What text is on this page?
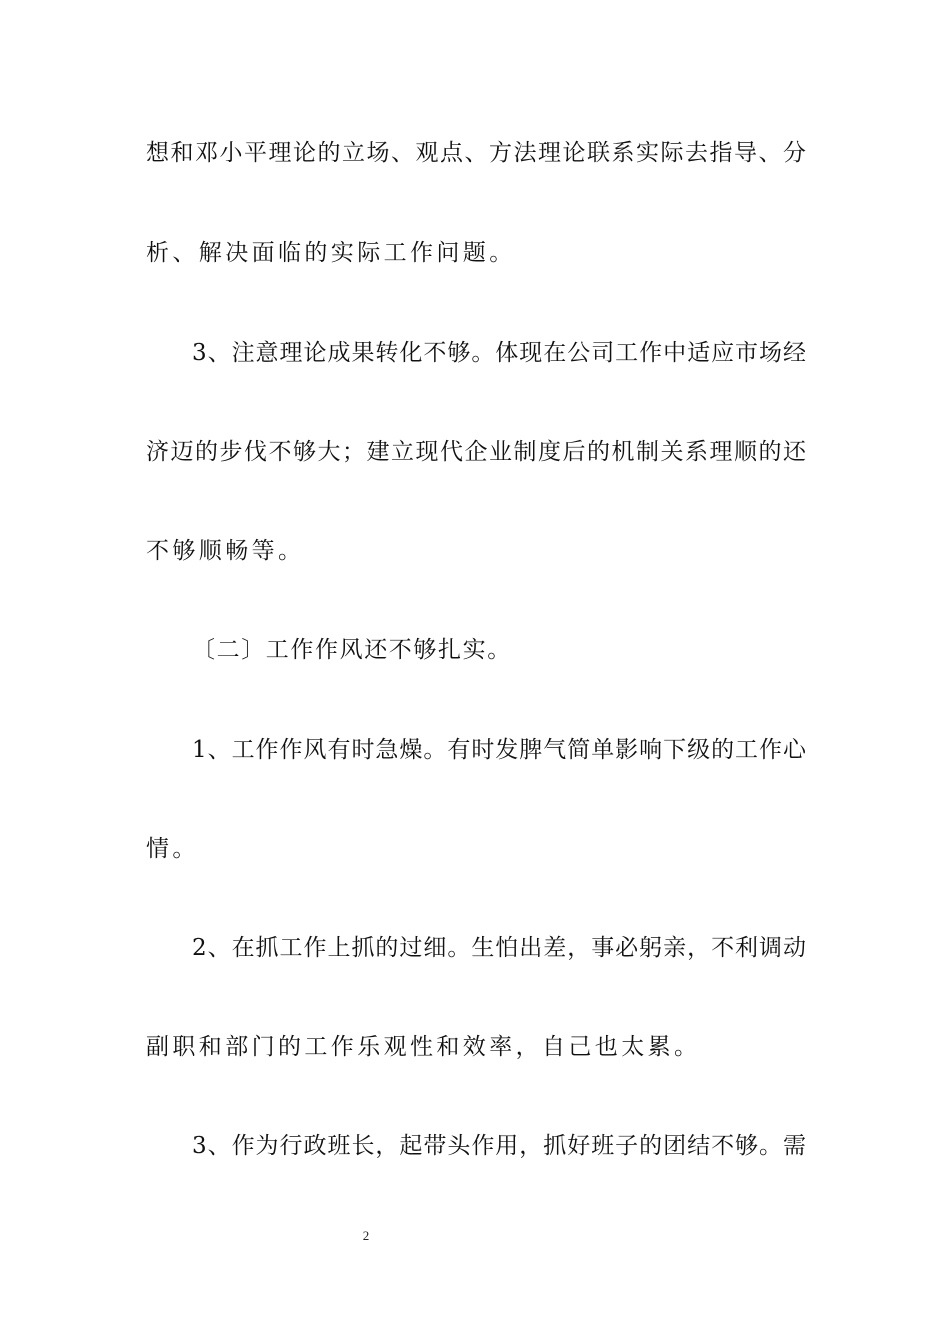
想和邓小平理论的立场、观点、方法理论联系实际去指导、分
析、解决面临的实际工作问题。
3、注意理论成果转化不够。体现在公司工作中适应市场经
济迈的步伐不够大；建立现代企业制度后的机制关系理顺的还
不够顺畅等。
〔二〕工作作风还不够扎实。
1、工作作风有时急燥。有时发脾气简单影响下级的工作心
情。
2、在抓工作上抓的过细。生怕出差，事必躬亲，不利调动
副职和部门的工作乐观性和效率，自己也太累。
3、作为行政班长，起带头作用，抓好班子的团结不够。需
2
